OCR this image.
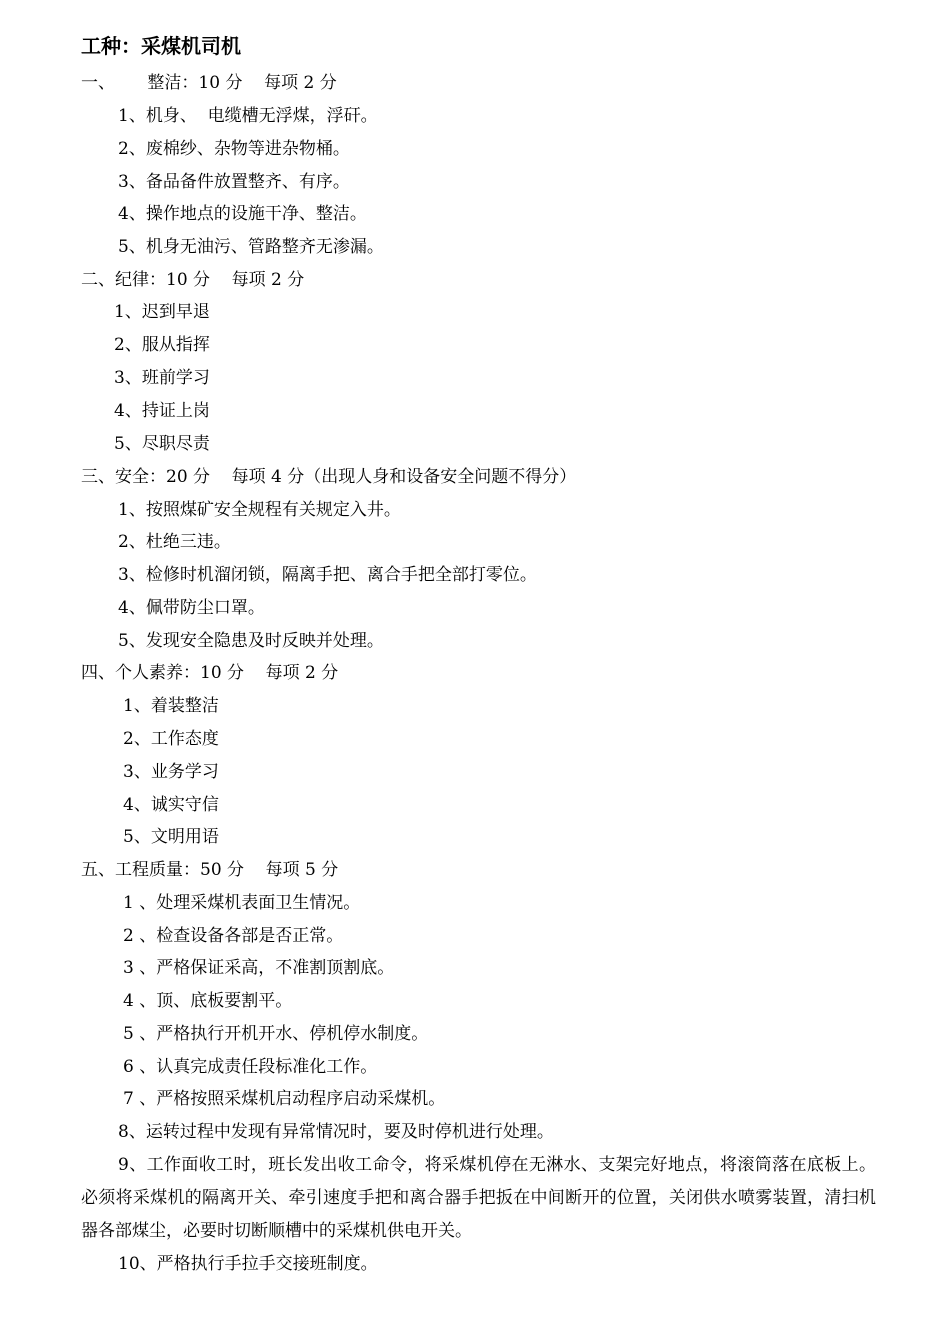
工种：采煤机司机
一、      整洁：10 分    每项 2 分
1、机身、  电缆槽无浮煤，浮矸。
2、废棉纱、杂物等进杂物桶。
3、备品备件放置整齐、有序。
4、操作地点的设施干净、整洁。
5、机身无油污、管路整齐无渗漏。
二、纪律：10 分    每项 2 分
1、迟到早退
2、服从指挥
3、班前学习
4、持证上岗
5、尽职尽责
三、安全：20 分    每项 4 分（出现人身和设备安全问题不得分）
1、按照煤矿安全规程有关规定入井。
2、杜绝三违。
3、检修时机溜闭锁，隔离手把、离合手把全部打零位。
4、佩带防尘口罩。
5、发现安全隐患及时反映并处理。
四、个人素养：10 分    每项 2 分
1、着装整洁
2、工作态度
3、业务学习
4、诚实守信
5、文明用语
五、工程质量：50 分    每项 5 分
1 、处理采煤机表面卫生情况。
2 、检查设备各部是否正常。
3 、严格保证采高，不准割顶割底。
4 、顶、底板要割平。
5 、严格执行开机开水、停机停水制度。
6 、认真完成责任段标准化工作。
7 、严格按照采煤机启动程序启动采煤机。
8、运转过程中发现有异常情况时，要及时停机进行处理。
9、工作面收工时，班长发出收工命令，将采煤机停在无淋水、支架完好地点，将滚筒落在底板上。必须将采煤机的隔离开关、牵引速度手把和离合器手把扳在中间断开的位置，关闭供水喷雾装置，清扫机器各部煤尘，必要时切断顺槽中的采煤机供电开关。
10、严格执行手拉手交接班制度。
